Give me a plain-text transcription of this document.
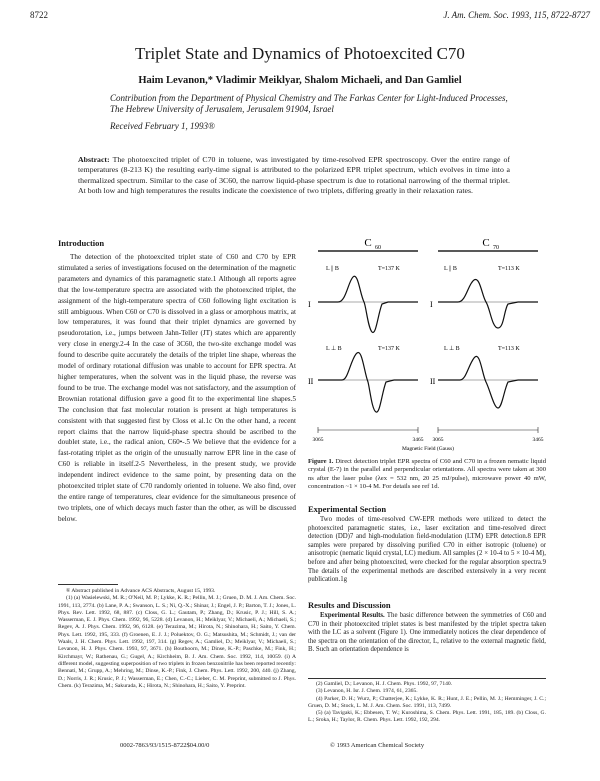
8722	J. Am. Chem. Soc. 1993, 115, 8722-8727
Triplet State and Dynamics of Photoexcited C70
Haim Levanon,* Vladimir Meiklyar, Shalom Michaeli, and Dan Gamliel
Contribution from the Department of Physical Chemistry and The Farkas Center for Light-Induced Processes, The Hebrew University of Jerusalem, Jerusalem 91904, Israel
Received February 1, 1993®
Abstract: The photoexcited triplet of C70 in toluene, was investigated by time-resolved EPR spectroscopy. Over the entire range of temperatures (8-213 K) the resulting early-time signal is attributed to the polarized EPR triplet spectrum, which evolves in time into a thermalized spectrum. Similar to the case of 3C60, the narrow liquid-phase spectrum is due to rotational narrowing of the thermal triplet. At both low and high temperatures the results indicate the coexistence of two triplets, differing greatly in their relaxation rates.
Introduction

The detection of the photoexcited triplet state of C60 and C70 by EPR stimulated a series of investigations focused on the determination of the magnetic parameters and dynamics of this paramagnetic state.1 Although all reports agree that the low-temperature spectra are associated with the photoexcited triplet, the assignment of the high-temperature spectra of C60 following light excitation is still ambiguous. When C60 or C70 is dissolved in a glass or amorphous matrix, at low temperatures, it was found that their triplet dynamics are governed by pseudorotation, i.e., jumps between Jahn-Teller (JT) states which are apparently very close in energy.2-4 In the case of 3C60, the two-site exchange model was found to describe quite accurately the details of the triplet line shape, whereas the model of ordinary rotational diffusion was unable to account for EPR spectra. At higher temperatures, when the solvent was in the liquid phase, the reverse was found to be true. The exchange model was not satisfactory, and the assumption of Brownian rotational diffusion gave a good fit to the experimental line shapes.5 The conclusion that fast molecular rotation is present at high temperatures is consistent with that suggested first by Closs et al.1c On the other hand, a recent report claims that the narrow liquid-phase spectra should be ascribed to the doublet state, i.e., the radical anion, C60•-.5 We believe that the evidence for a fast-rotating triplet as the origin of the unusually narrow EPR line in the case of C60 is reliable in itself.2-5 Nevertheless, in the present study, we provide independent indirect evidence to the same point, by presenting data on the photoexcited triplet state of C70 randomly oriented in toluene. We also find, over the entire range of temperatures, clear evidence for the simultaneous presence of two triplets, one of which decays much faster than the other, as will be discussed below.

® Abstract published in Advance ACS Abstracts, August 15, 1993.

(1) (a) Wasielewski, M. R.; O'Neil, M. P.; Lykke, K. R.; Pellin, M. J.; Gruen, D. M. J. Am. Chem. Soc. 1991, 113, 2774. (b) Lane, P. A.; Swanson, L. S.; Ni, Q.-X.; Shinar, J.; Engel, J. P.; Barton, T. J.; Jones, L. Phys. Rev. Lett. 1992, 68, 887. (c) Closs, G. L.; Gautam, P.; Zhang, D.; Krusic, P. J.; Hill, S. A.; Wasserman, E. J. Phys. Chem. 1992, 96, 5228. (d) Levanon, H.; Meiklyar, V.; Michaeli, A.; Michaeli, S.; Regev, A. J. Phys. Chem. 1992, 96, 6128. (e) Terazima, M.; Hirota, N.; Shinohara, H.; Saito, Y. Chem. Phys. Lett. 1992, 195, 333. (f) Groenen, E. J. J.; Poluektov, O. G.; Matsushita, M.; Schmidt, J.; van der Waals, J. H. Chem. Phys. Lett. 1992, 197, 314. (g) Regev, A.; Gamliel, D.; Meiklyar, V.; Michaeli, S.; Levanon, H. J. Phys. Chem. 1993, 97, 3671. (h) Bouthoorn, M.; Dinse, K.-P.; Paschke, M.; Fink, H.; Kirchmayr, W.; Rathenau, G.; Gugel, A.; Kirchheim, B. J. Am. Chem. Soc. 1992, 114, 10059. (i) A different model, suggesting superposition of two triplets in frozen benzonitrile has been reported recently: Bennati, M.; Grupp, A.; Mehring, M.; Dinse, K.-P.; Fink, J. Chem. Phys. Lett. 1992, 200, 440. (j) Zhang, D.; Norris, J. R.; Krusic, P. J.; Wasserman, E.; Chen, C.-C.; Lieber, C. M. Preprint, submitted to J. Phys. Chem. (k) Terazima, M.; Sakurada, K.; Hirota, N.; Shinohara, H.; Saito, Y. Preprint.

C 60	C 70
I
II
I
II
L || B	T=137 K	L || B	T=113 K
L ⊥ B	T=137 K	L ⊥ B	T=113 K
3065	3465 3065	3465
Magnetic Field (Gauss)
Figure 1. Direct detection triplet EPR spectra of C60 and C70 in a frozen nematic liquid crystal (E-7) in the parallel and perpendicular orientations. All spectra were taken at 300 ns after the laser pulse (λex = 532 nm, 20 25 mJ/pulse), microwave power 40 mW, concentration ~1 × 10-4 M. For details see ref 1d.
Experimental Section

Two modes of time-resolved CW-EPR methods were utilized to detect the photoexcited paramagnetic states, i.e., laser excitation and time-resolved direct detection (DD)7 and high-modulation field-modulation (LTM) EPR detection.8 EPR samples were prepared by dissolving purified C70 in either isotropic (toluene) or anisotropic (nematic liquid crystal, LC) medium. All samples (2 × 10-4 to 5 × 10-4 M), before and after being photoexcited, were checked for the regular absorption spectra.9 The details of the experimental methods are described extensively in a very recent publication.1g

Results and Discussion

Experimental Results. The basic difference between the symmetries of C60 and C70 in their photoexcited triplet states is best manifested by the triplet spectra taken with the LC as a solvent (Figure 1). One immediately notices the clear dependence of the spectra on the orientation of the director, L, relative to the external magnetic field, B. Such an orientation dependence is

(2) Gamliel, D.; Levanon, H. J. Chem. Phys. 1992, 97, 7140.

(3) Levanon, H. Isr. J. Chem. 1974, 61, 2365.

(4) Parker, D. H.; Wurz, P.; Chatterjee, K.; Lykke, K. R.; Hunt, J. E.; Pellin, M. J.; Hemminger, J. C.; Gruen, D. M.; Stock, L. M. J. Am. Chem. Soc. 1991, 113, 7499.

(5) (a) Tavigaki, K.; Ebbesen, T. W.; Kuroshima, S. Chem. Phys. Lett. 1991, 185, 189. (b) Closs, G. L.; Sroka, H.; Taylor, R. Chem. Phys. Lett. 1992, 192, 294.

0002-7863/93/1515-8722$04.00/0	© 1993 American Chemical Society
